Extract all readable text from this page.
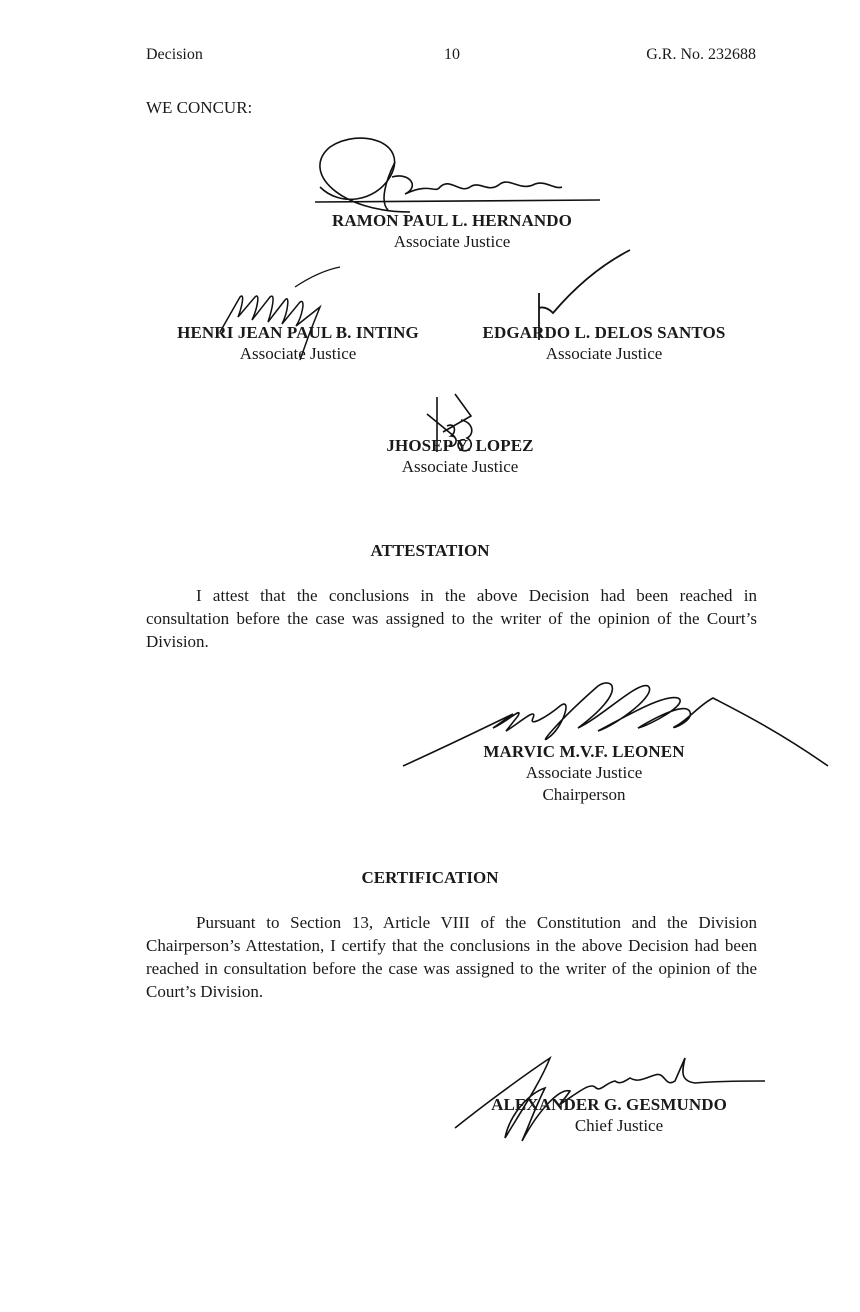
Decision	10	G.R. No. 232688
WE CONCUR:
RAMON PAUL L. HERNANDO
Associate Justice
HENRI JEAN PAUL B. INTING
Associate Justice
EDGARDO L. DELOS SANTOS
Associate Justice
JHOSEP Y. LOPEZ
Associate Justice
ATTESTATION
I attest that the conclusions in the above Decision had been reached in consultation before the case was assigned to the writer of the opinion of the Court’s Division.
MARVIC M.V.F. LEONEN
Associate Justice
Chairperson
CERTIFICATION
Pursuant to Section 13, Article VIII of the Constitution and the Division Chairperson’s Attestation, I certify that the conclusions in the above Decision had been reached in consultation before the case was assigned to the writer of the opinion of the Court’s Division.
ALEXANDER G. GESMUNDO
Chief Justice
